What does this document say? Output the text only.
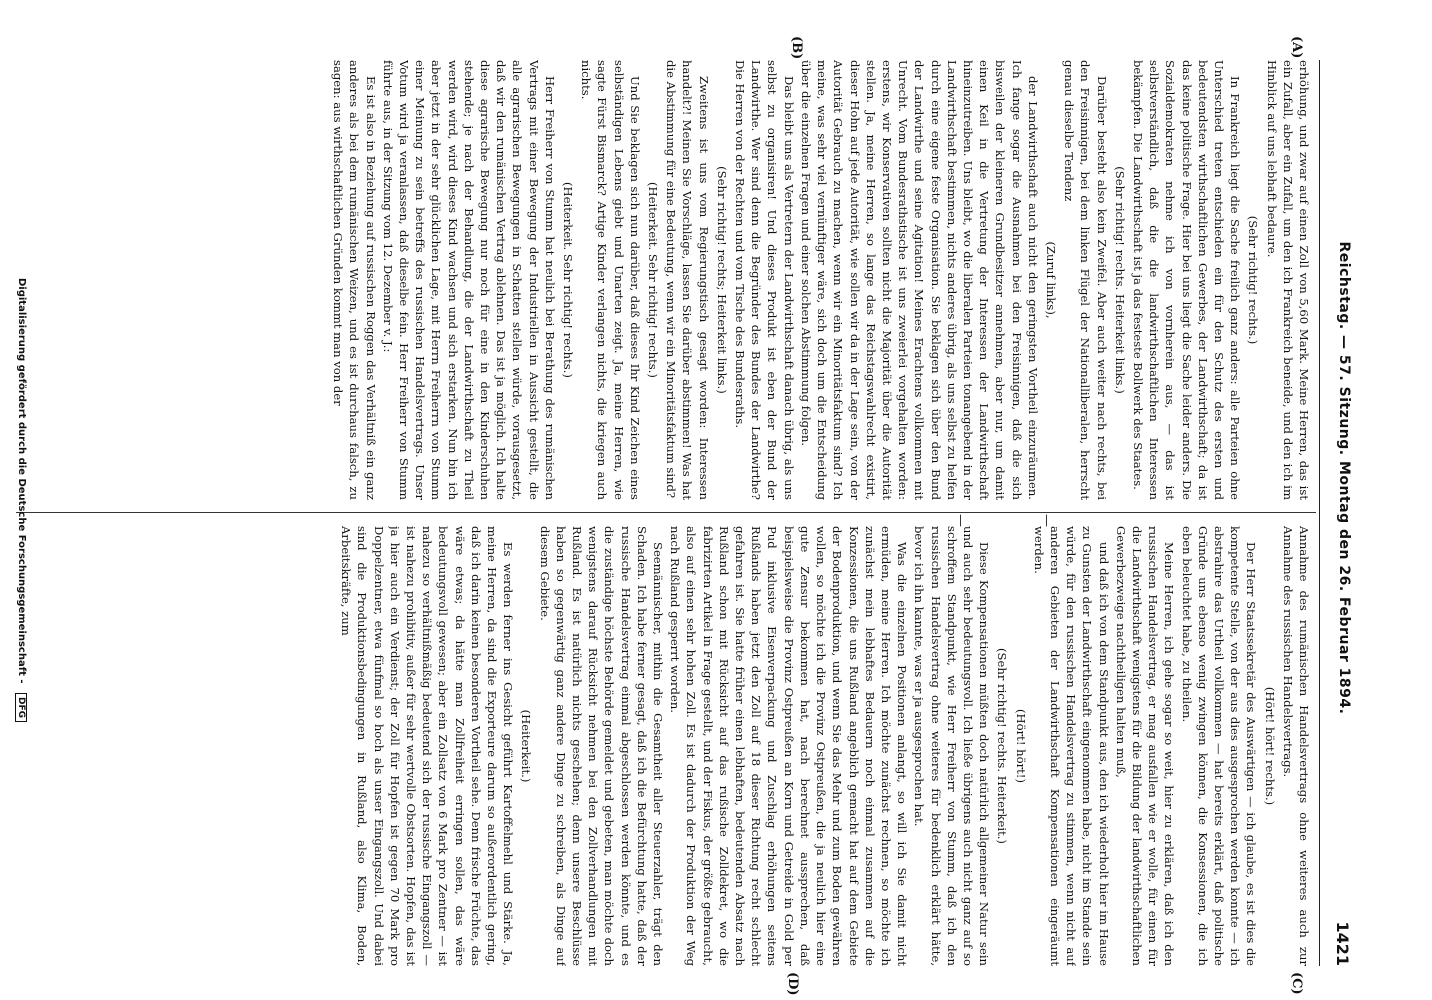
Reichstag. — 57. Sitzung. Montag den 26. Februar 1894.
1421
(A)
(B)
(C)
(D)
—
—

erhöhung, und zwar auf einen Zoll von 5,60 Mark. Meine Herren, das ist ein Zufall, aber ein Zufall, um den ich Frankreich beneide, und den ich im Hinblick auf uns lebhaft bedaure.

(Sehr richtig! rechts.)

In Frankreich liegt die Sache freilich ganz anders: alle Parteien ohne Unterschied treten entschieden ein für den Schutz des ersten und bedeutendsten wirthschaftlichen Gewerbes, der Landwirthschaft; da ist das keine politische Frage. Hier bei uns liegt die Sache leider anders. Die Sozialdemokraten nehme ich von vornherein aus, — das ist selbstverständlich, daß die die landwirthschaftlichen Interessen bekämpfen. Die Landwirthschaft ist ja das festeste Bollwerk des Staates.

(Sehr richtig! rechts. Heiterkeit links.)

Darüber besteht also kein Zweifel. Aber auch weiter nach rechts, bei den Freisinnigen, bei dem linken Flügel der Nationalliberalen, herrscht genau dieselbe Tendenz

(Zuruf links),

der Landwirthschaft auch nicht den geringsten Vortheil einzuräumen. Ich fange sogar die Ausnahmen bei den Freisinnigen, daß die sich bisweilen der kleineren Grundbesitzer annehmen, aber nur, um damit einen Keil in die Vertretung der Interessen der Landwirthschaft hineinzutreiben. Uns bleibt, wo die liberalen Parteien tonangebend in der Landwirthschaft bestimmen, nichts anderes übrig, als uns selbst zu helfen durch eine eigene feste Organisation. Sie beklagen sich über den Bund der Landwirthe und seine Agitation! Meines Erachtens vollkommen mit Unrecht. Vom Bundesrathstische ist uns zweierlei vorgehalten worden: erstens, wir Konservativen sollten nicht die Majorität über die Autorität stellen. Ja, meine Herren, so lange das Reichstagswahlrecht existirt, dieser Hohn auf jede Autorität, wie sollen wir da in der Lage sein, von der Autorität Gebrauch zu machen, wenn wir ein Minoritätsfaktum sind? Ich meine, was sehr viel vernünftiger wäre, sich doch um die Entscheidung über die einzelnen Fragen und einer solchen Abstimmung folgen.

Das bleibt uns als Vertretern der Landwirthschaft danach übrig, als uns selbst zu organisiren! Und dieses Produkt ist eben der Bund der Landwirthe. Wer sind denn die Begründer des Bundes der Landwirthe? Die Herren von der Rechten und vom Tische des Bundesraths.

(Sehr richtig! rechts; Heiterkeit links.)

Zweitens ist uns vom Regierungstisch gesagt worden: Interessen handelt?! Meinen Sie Vorschläge, lassen Sie darüber abstimmen! Was hat die Abstimmung für eine Bedeutung, wenn wir ein Minoritätsfaktum sind?

(Heiterkeit. Sehr richtig! rechts.)

Und Sie beklagen sich nun darüber, daß dieses Ihr Kind Zeichen eines selbständigen Lebens giebt und Unarten zeigt. Ja, meine Herren, wie sagte Fürst Bismarck? Artige Kinder verlangen nichts, die kriegen auch nichts.

(Heiterkeit. Sehr richtig! rechts.)

Herr Freiherr von Stumm hat neulich bei Berathung des rumänischen Vertrags mit einer Bewegung der Industriellen in Aussicht gestellt, die alle agrarischen Bewegungen in Schatten stellen würde, vorausgesetzt, daß wir den rumänischen Vertrag ablehnen. Das ist ja möglich. Ich halte diese agrarische Bewegung nur noch für eine in den Kinderschuhen stehende; je nach der Behandlung, die der Landwirthschaft zu Theil werden wird, wird dieses Kind wachsen und sich erstarken. Nun bin ich aber jetzt in der sehr glücklichen Lage, mit Herrn Freiherrn von Stumm einer Meinung zu sein betreffs des russischen Handelsvertrags. Unser Votum wird ja veranlassen, daß dieselbe fein. Herr Freiherr von Stumm führte aus, in der Sitzung vom 12. Dezember v. J.:

Es ist also in Beziehung auf russischen Roggen das Verhältniß ein ganz anderes als bei dem rumänischen Weizen, und es ist durchaus falsch, zu sagen: aus wirthschaftlichen Gründen kommt man von der

Annahme des rumänischen Handelsvertrags ohne weiteres auch zur Annahme des russischen Handelsvertrags.

(Hört! hört! rechts.)

Der Herr Staatssekretär des Auswärtigen — ich glaube, es ist dies die kompetente Stelle, von der aus dies ausgesprochen werden konnte — ich abstrahire das Urtheil vollkommen — hat bereits erklärt, daß politische Gründe uns ebenso wenig zwingen können, die Konsessionen, die ich eben beleuchtet habe, zu theilen.

Meine Herren, ich gehe sogar so weit, hier zu erklären, daß ich den russischen Handelsvertrag, er mag ausfallen wie er wolle, für einen für die Landwirthschaft wenigstens für die Bildung der landwirthschaftlichen Gewerbezweige nachtheiligen halten muß,

und daß ich von dem Standpunkt aus, den ich wiederholt hier im Hause zu Gunsten der Landwirthschaft eingenommen habe, nicht im Stande sein würde, für den russischen Handelsvertrag zu stimmen, wenn nicht auf anderen Gebieten der Landwirthschaft Kompensationen eingeräumt werden.

(Hört! hört!)

(Sehr richtig! rechts. Heiterkeit.)

Diese Kompensationen müßten doch natürlich allgemeiner Natur sein und auch sehr bedeutungsvoll. Ich ließe übrigens auch nicht ganz auf so schroffem Standpunkt, wie Herr Freiherr von Stumm, daß ich den russischen Handelsvertrag ohne weiteres für bedenklich erklärt hätte, bevor ich ihn kannte, was er ja ausgesprochen hat.

Was die einzelnen Positionen anlangt, so will ich Sie damit nicht ermüden, meine Herren. Ich möchte zunächst rechnen, so möchte ich zunächst mein lebhaftes Bedauern noch einmal zusammen auf die Konzessionen, die uns Rußland angeblich gemacht hat auf dem Gebiete der Bodenproduktion, und wenn Sie das Mehr und zum Boden gewähren wollen, so möchte ich die Provinz Ostpreußen, die ja neulich hier eine gute Zensur bekommen hat, nach berechnet aussprechen, daß beispielsweise die Provinz Ostpreußen an Korn und Getreide in Gold per Pud inklusive Eisenverpackung und Zuschlag erhöhungen seitens Rußlands haben jetzt den Zoll auf 18 dieser Richtung recht schlecht gefahren ist. Sie hatte früher einen lebhaften, bedeutenden Absatz nach Rußland schon mit Rücksicht auf das rußische Zolldekret, wo die fabrizirten Artikel in Frage gestellt, und der Fiskus, der größte gebraucht, also auf einen sehr hohen Zoll. Es ist dadurch der Produktion der Weg nach Rußland gesperrt worden.

Seemännischer, mithin die Gesamtheit aller Steuerzahler, trägt den Schaden. Ich habe ferner gesagt, daß ich die Befürchtung hatte, daß der russische Handelsvertrag einmal abgeschlossen werden könnte, und es die zuständige höchste Behörde gemeldet und gebeten, man möchte doch wenigstens darauf Rücksicht nehmen bei den Zollverhandlungen mit Rußland. Es ist natürlich nichts geschehen; denn unsere Beschlüsse haben so gegenwärtig ganz andere Dinge zu schreiben, als Dinge auf diesem Gebiete.

(Heiterkeit.)

Es werden ferner ins Gesicht geführt Kartoffelmehl und Stärke. Ja, meine Herren, da sind die Exporteure darum so außerordentlich gering, daß ich darin keinen besonderen Vortheil sehe. Denn frische Früchte, das wäre etwas; da hätte man Zollfreiheit erringen sollen, das wäre bedeutungsvoll gewesen; aber ein Zollsatz von 6 Mark pro Zentner — ist nahezu so verhältnißmäßig bedeutend sich der russische Eingangszoll — ist nahezu prohibitiv, außer für sehr wertvolle Obstsorten. Hopfen, das ist ja hier auch ein Verdienst; der Zoll für Hopfen ist gegen 70 Mark pro Doppelzentner, etwa fünfmal so hoch als unser Eingangszoll. Und dabei sind die Produktionsbedingungen in Rußland, also Klima, Boden, Arbeitskräfte, zum

Digitalisierung gefördert durch die Deutsche Forschungsgemeinschaft - DFG
